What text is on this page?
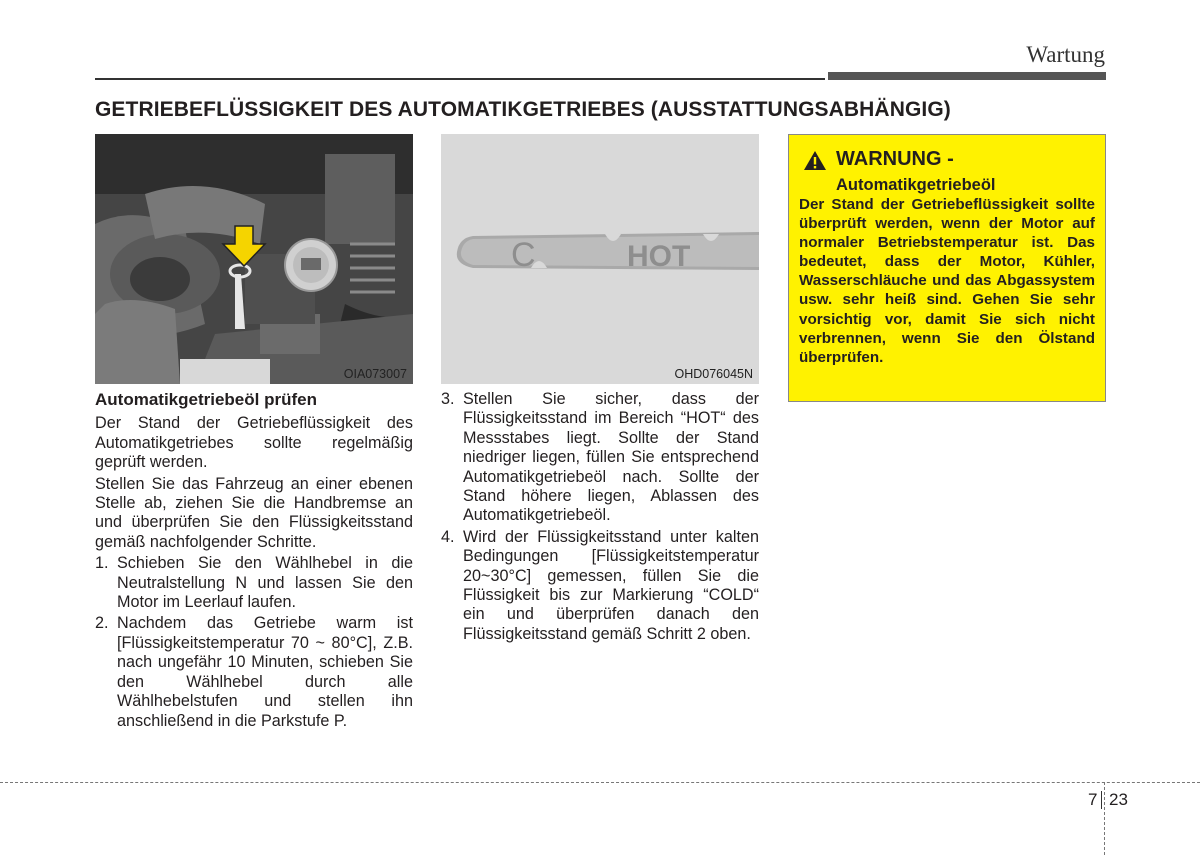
Wartung
GETRIEBEFLÜSSIGKEIT DES AUTOMATIKGETRIEBES (AUSSTATTUNGSABHÄNGIG)
OIA073007
C	HOT
OHD076045N
Automatikgetriebeöl prüfen

Der Stand der Getriebeflüssigkeit des Automatikgetriebes sollte regelmäßig geprüft werden.

Stellen Sie das Fahrzeug an einer ebenen Stelle ab, ziehen Sie die Handbremse an und überprüfen Sie den Flüssigkeitsstand gemäß nachfolgender Schritte.

1. Schieben Sie den Wählhebel in die Neutralstellung N und lassen Sie den Motor im Leerlauf laufen.
2. Nachdem das Getriebe warm ist [Flüssigkeitstemperatur 70 ~ 80°C], Z.B. nach ungefähr 10 Minuten, schieben Sie den Wählhebel durch alle Wählhebelstufen und stellen ihn anschließend in die Parkstufe P.
3. Stellen Sie sicher, dass der Flüssigkeitsstand im Bereich “HOT“ des Messstabes liegt. Sollte der Stand niedriger liegen, füllen Sie entsprechend Automatikgetriebeöl nach. Sollte der Stand höhere liegen, Ablassen des Automatikgetriebeöl.
4. Wird der Flüssigkeitsstand unter kalten Bedingungen [Flüssigkeitstemperatur 20~30°C] gemessen, füllen Sie die Flüssigkeit bis zur Markierung “COLD“ ein und überprüfen danach den Flüssigkeitsstand gemäß Schritt 2 oben.
WARNUNG -
Automatikgetriebeöl
Der Stand der Getriebeflüssigkeit sollte überprüft werden, wenn der Motor auf normaler Betriebstemperatur ist. Das bedeutet, dass der Motor, Kühler, Wasserschläuche und das Abgassystem usw. sehr heiß sind. Gehen Sie sehr vorsichtig vor, damit Sie sich nicht verbrennen, wenn Sie den Ölstand überprüfen.
7 23
